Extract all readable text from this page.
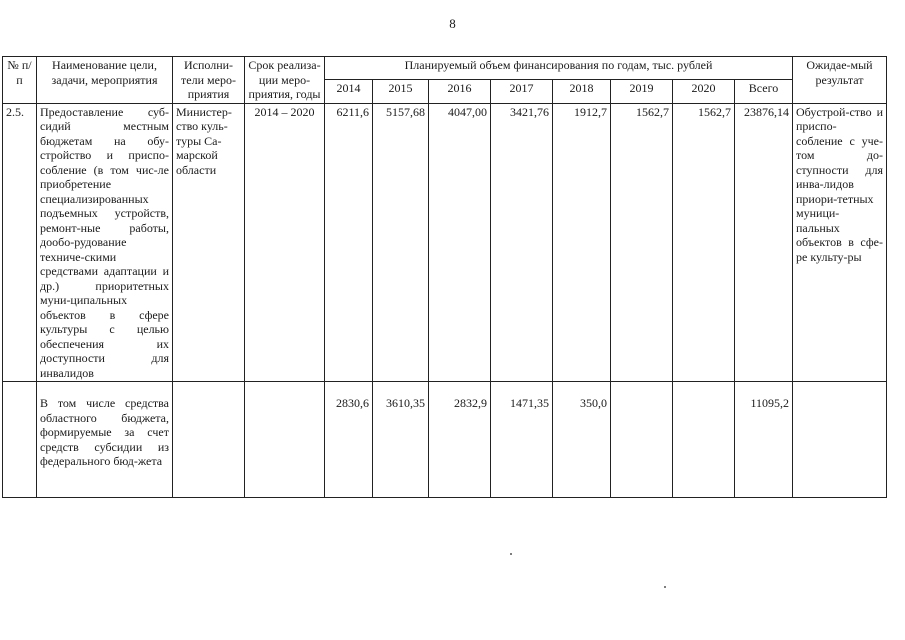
8
№ п/п	Наименование цели, задачи, мероприятия	Исполни-тели меро-приятия	Срок реализа-ции меро-приятия, годы	Планируемый объем финансирования по годам, тыс. рублей								Ожидае-мый результат
				2014	2015	2016	2017	2018	2019	2020	Всего	
2.5.	Предоставление суб-сидий местным бюджетам на обу-стройство и приспо-собление (в том чис-ле приобретение специализированных подъемных устройств, ремонт-ные работы, дообо-рудование техниче-скими средствами адаптации и др.) приоритетных муни-ципальных объектов в сфере культуры с целью обеспечения их доступности для инвалидов	Министер-ство куль-туры Са-марской области	2014 – 2020	6211,6	5157,68	4047,00	3421,76	1912,7	1562,7	1562,7	23876,14	Обустрой-ство и приспо-собление с уче-том до-ступности для инва-лидов приори-тетных муници-пальных объектов в сфе-ре культу-ры
	В том числе средства областного бюджета, формируемые за счет средств субсидии из федерального бюд-жета			2830,6	3610,35	2832,9	1471,35	350,0			11095,2	
